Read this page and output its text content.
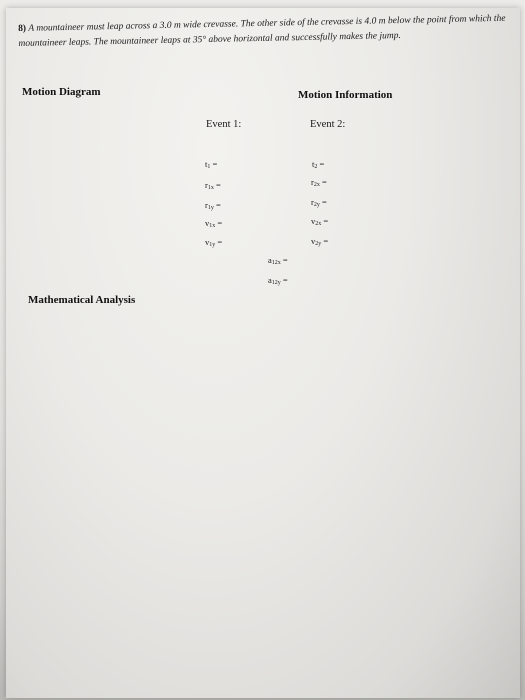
8) A mountaineer must leap across a 3.0 m wide crevasse. The other side of the crevasse is 4.0 m below the point from which the mountaineer leaps. The mountaineer leaps at 35° above horizontal and successfully makes the jump.
Motion Diagram	Motion Information
Event 1:	Event 2:
$t_1$ =
$r_{1x}$ =
$r_{1y}$ =
$v_{1x}$ =
$v_{1y}$ =
$t_2$ =
$r_{2x}$ =
$r_{2y}$ =
$v_{2x}$ =
$v_{2y}$ =
$a_{12x}$ =
$a_{12y}$ =
Mathematical Analysis
